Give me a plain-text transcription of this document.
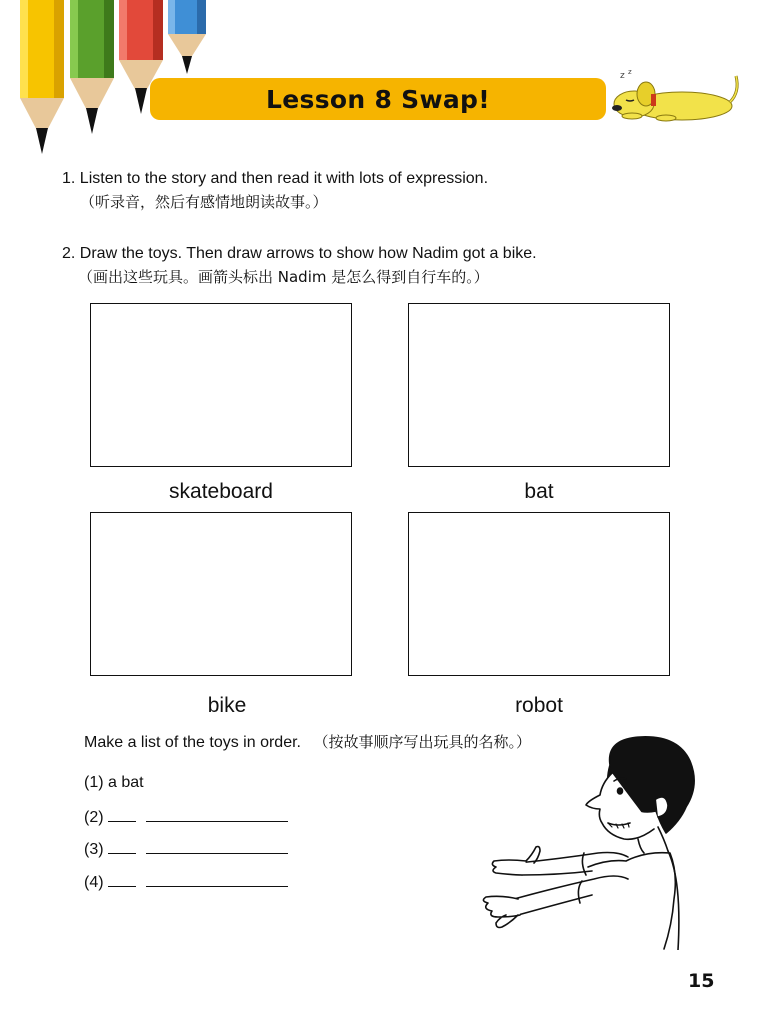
Lesson 8 Swap!
z z
1. Listen to the story and then read it with lots of expression.
（听录音，然后有感情地朗读故事。）
2. Draw the toys. Then draw arrows to show how Nadim got a bike.
（画出这些玩具。画箭头标出 Nadim 是怎么得到自行车的。）
skateboard	bat
bike	robot
Make a list of the toys in order. （按故事顺序写出玩具的名称。）
(1) a bat
(2)
(3)
(4)
15
